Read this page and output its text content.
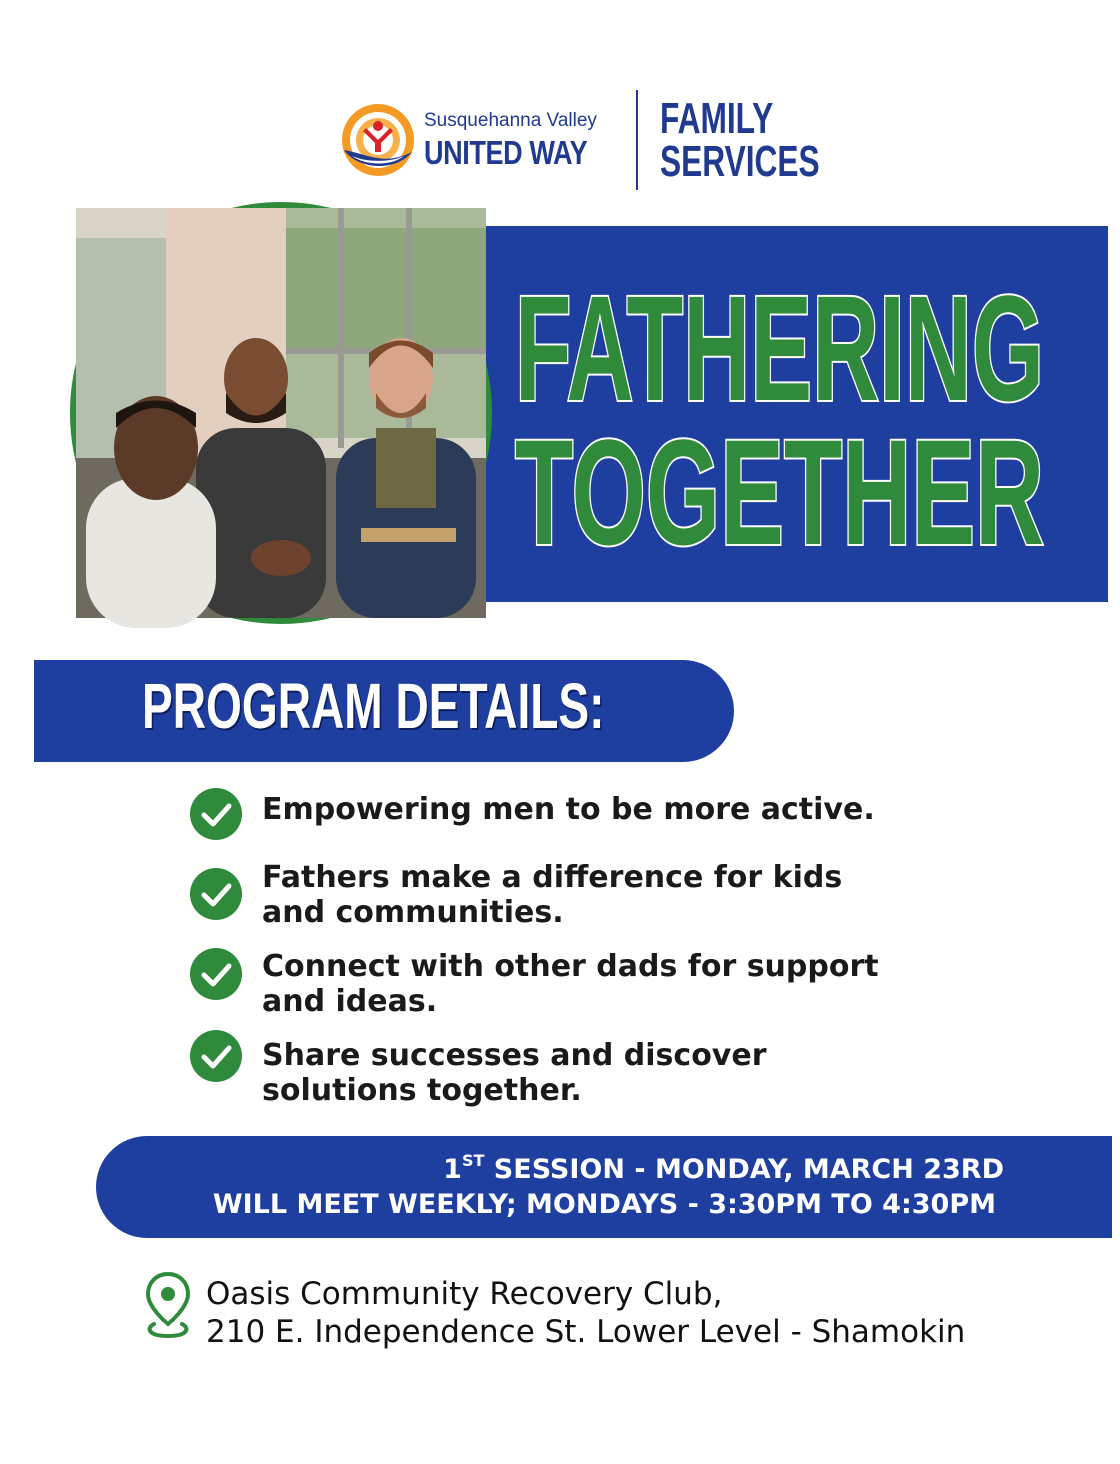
Susquehanna Valley
UNITED WAY
FAMILY
SERVICES
FATHERING
TOGETHER
PROGRAM DETAILS:
Empowering men to be more active.
Fathers make a difference for kids and communities.
Connect with other dads for support and ideas.
Share successes and discover solutions together.
1ST SESSION - MONDAY, MARCH 23RD
WILL MEET WEEKLY; MONDAYS - 3:30PM TO 4:30PM
Oasis Community Recovery Club,
210 E. Independence St. Lower Level - Shamokin
